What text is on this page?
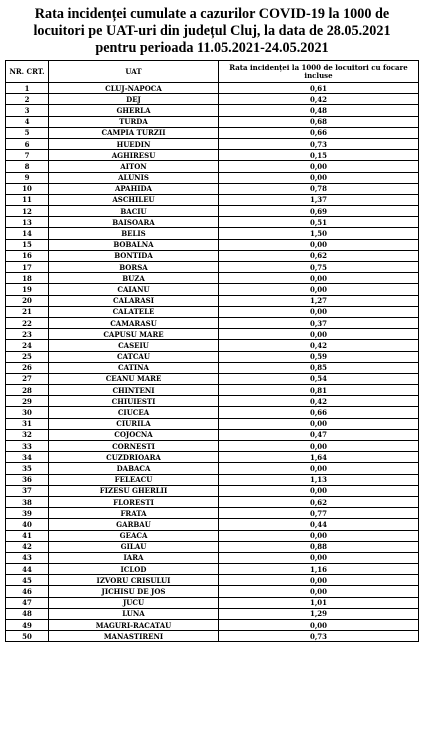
Rata incidenței cumulate a cazurilor COVID-19 la 1000 de
locuitori pe UAT-uri din județul Cluj, la data de 28.05.2021
pentru perioada 11.05.2021-24.05.2021
NR. CRT.	UAT	Rata incidenței la 1000 de locuitori cu focare incluse
1	CLUJ-NAPOCA	0,61
2	DEJ	0,42
3	GHERLA	0,48
4	TURDA	0,68
5	CAMPIA TURZII	0,66
6	HUEDIN	0,73
7	AGHIRESU	0,15
8	AITON	0,00
9	ALUNIS	0,00
10	APAHIDA	0,78
11	ASCHILEU	1,37
12	BACIU	0,69
13	BAISOARA	0,51
14	BELIS	1,50
15	BOBALNA	0,00
16	BONTIDA	0,62
17	BORSA	0,75
18	BUZA	0,00
19	CAIANU	0,00
20	CALARASI	1,27
21	CALATELE	0,00
22	CAMARASU	0,37
23	CAPUSU MARE	0,00
24	CASEIU	0,42
25	CATCAU	0,59
26	CATINA	0,85
27	CEANU MARE	0,54
28	CHINTENI	0,81
29	CHIUIESTI	0,42
30	CIUCEA	0,66
31	CIURILA	0,00
32	COJOCNA	0,47
33	CORNESTI	0,00
34	CUZDRIOARA	1,64
35	DABACA	0,00
36	FELEACU	1,13
37	FIZESU GHERLII	0,00
38	FLORESTI	0,62
39	FRATA	0,77
40	GARBAU	0,44
41	GEACA	0,00
42	GILAU	0,88
43	IARA	0,00
44	ICLOD	1,16
45	IZVORU CRISULUI	0,00
46	JICHISU DE JOS	0,00
47	JUCU	1,01
48	LUNA	1,29
49	MAGURI-RACATAU	0,00
50	MANASTIRENI	0,73
